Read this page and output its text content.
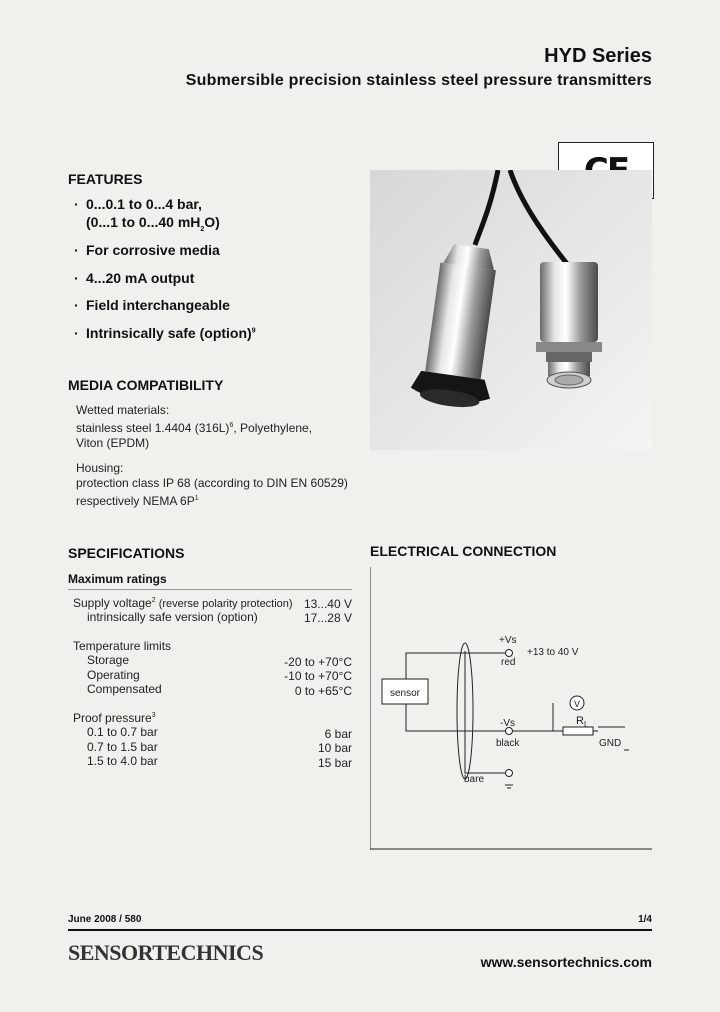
HYD Series
Submersible precision stainless steel pressure transmitters
FEATURES
· 0...0.1 to 0...4 bar,
(0...1 to 0...40 $mH_2O$)
· For corrosive media
· 4...20 mA output
· Field interchangeable
· Intrinsically safe (option)$^9$
MEDIA COMPATIBILITY
Wetted materials:
stainless steel 1.4404 $(316L)^6$, Polyethylene,
Viton (EPDM)
Housing:
protection class IP 68 (according to DIN EN 60529)
respectively NEMA $6P^1$
SPECIFICATIONS
Maximum ratings
Supply voltage$^2$ (reverse polarity protection) 13...40 V
intrinsically safe version (option)	17...28 V
Temperature limits
Storage	-20 to +70°C
Operating	-10 to +70°C
Compensated	0 to +65°C
Proof pressure$^3$
0.1 to 0.7 bar	6 bar
0.7 to 1.5 bar	10 bar
1.5 to 4.0 bar	15 bar
ELECTRICAL CONNECTION
sensor
+Vs
red
+13 to 40 V
-Vs
black
bare
V
$R_L$
GND
June 2008 / 580	1/4
SENSORTECHNICS	www.sensortechnics.com
